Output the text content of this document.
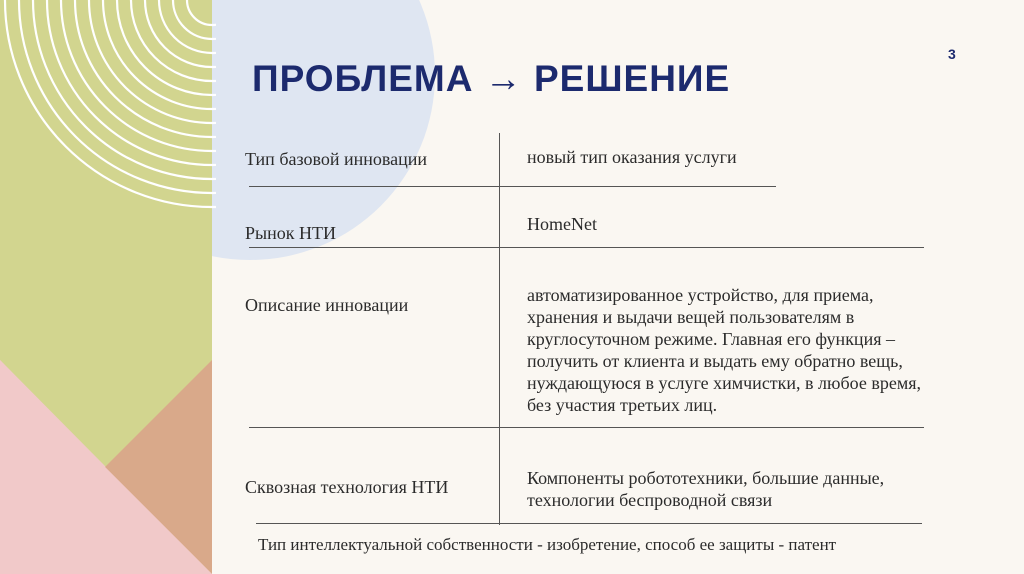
3
ПРОБЛЕМА → РЕШЕНИЕ
Тип базовой инновации	новый тип оказания услуги
Рынок НТИ	HomeNet
Описание инновации	автоматизированное устройство, для приема, хранения и выдачи вещей пользователям в круглосуточном режиме. Главная его функция – получить от клиента и выдать ему обратно вещь, нуждающуюся в услуге химчистки, в любое время, без участия третьих лиц.
Сквозная технология НТИ	Компоненты робототехники, большие данные, технологии беспроводной связи
Тип интеллектуальной собственности - изобретение, способ ее защиты - патент
